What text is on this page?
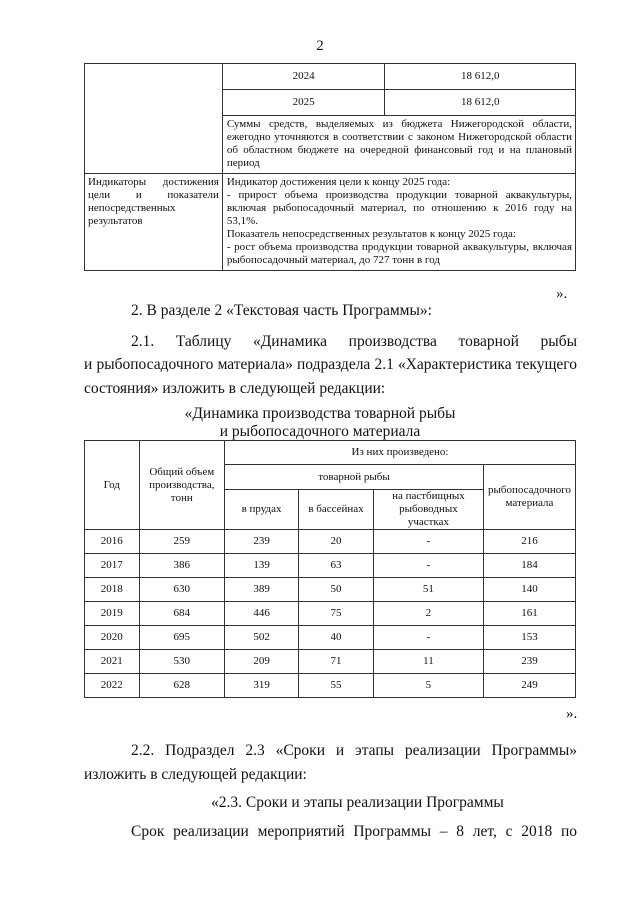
2
	2024	18 612,0
	2025	18 612,0
	Суммы средств, выделяемых из бюджета Нижегородской области, ежегодно уточняются в соответствии с законом Нижегородской области об областном бюджете на очередной финансовый год и на плановый период	
Индикаторы достижения цели и показатели непосредственных результатов	Индикатор достижения цели к концу 2025 года:
- прирост объема производства продукции товарной аквакультуры, включая рыбопосадочный материал, по отношению к 2016 году на 53,1%.
Показатель непосредственных результатов к концу 2025 года:
- рост объема производства продукции товарной аквакультуры, включая рыбопосадочный материал, до 727 тонн в год	
».
2. В разделе 2 «Текстовая часть Программы»:
2.1. Таблицу «Динамика производства товарной рыбы
и рыбопосадочного материала» подраздела 2.1 «Характеристика текущего
состояния» изложить в следующей редакции:
«Динамика производства товарной рыбы
и рыбопосадочного материала
Год	Общий объем производства, тонн	Из них произведено:			
		товарной рыбы			рыбопосадочного материала
		в прудах	в бассейнах	на пастбищных рыбоводных участках	
2016	259	239	20	-	216
2017	386	139	63	-	184
2018	630	389	50	51	140
2019	684	446	75	2	161
2020	695	502	40	-	153
2021	530	209	71	11	239
2022	628	319	55	5	249
».
2.2. Подраздел 2.3 «Сроки и этапы реализации Программы»
изложить в следующей редакции:
«2.3. Сроки и этапы реализации Программы
Срок реализации мероприятий Программы – 8 лет, с 2018 по
